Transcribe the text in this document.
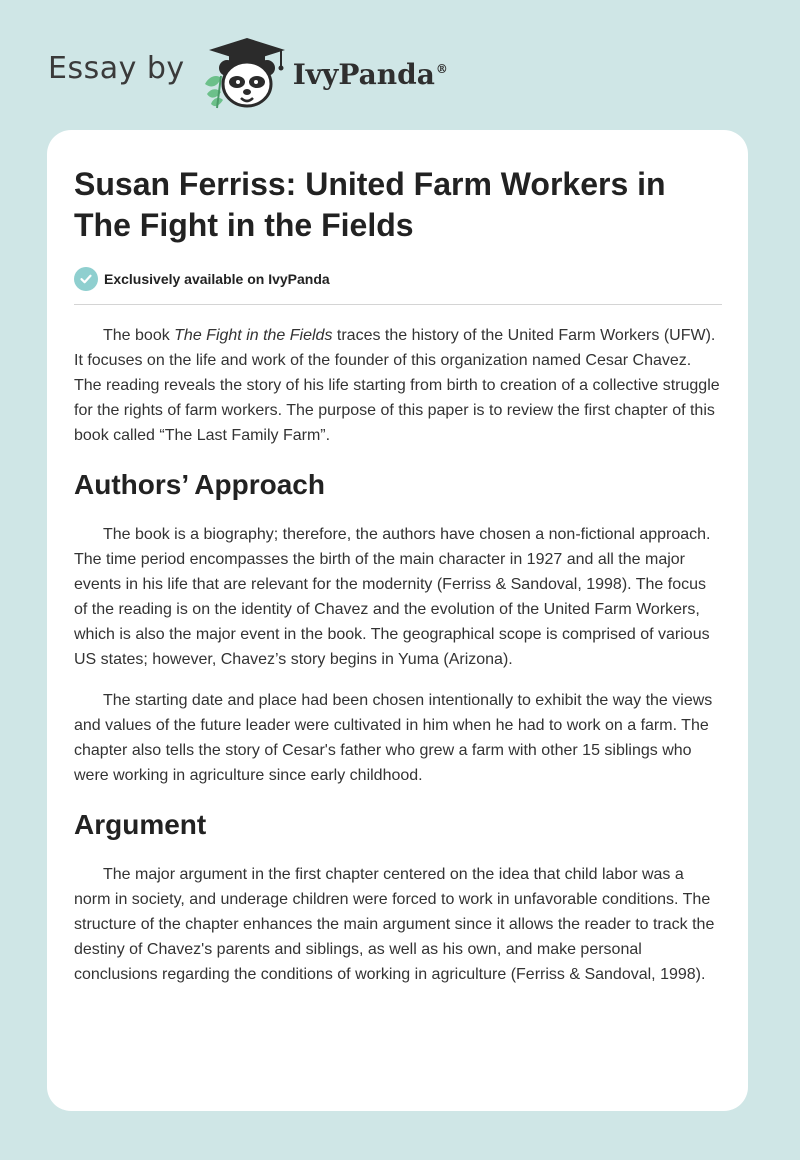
Essay by	IvyPanda®
Susan Ferriss: United Farm Workers in The Fight in the Fields
Exclusively available on IvyPanda

The book The Fight in the Fields traces the history of the United Farm Workers (UFW). It focuses on the life and work of the founder of this organization named Cesar Chavez. The reading reveals the story of his life starting from birth to creation of a collective struggle for the rights of farm workers. The purpose of this paper is to review the first chapter of this book called “The Last Family Farm”.

Authors’ Approach

The book is a biography; therefore, the authors have chosen a non-fictional approach. The time period encompasses the birth of the main character in 1927 and all the major events in his life that are relevant for the modernity (Ferriss & Sandoval, 1998). The focus of the reading is on the identity of Chavez and the evolution of the United Farm Workers, which is also the major event in the book. The geographical scope is comprised of various US states; however, Chavez’s story begins in Yuma (Arizona).

The starting date and place had been chosen intentionally to exhibit the way the views and values of the future leader were cultivated in him when he had to work on a farm. The chapter also tells the story of Cesar's father who grew a farm with other 15 siblings who were working in agriculture since early childhood.

Argument

The major argument in the first chapter centered on the idea that child labor was a norm in society, and underage children were forced to work in unfavorable conditions. The structure of the chapter enhances the main argument since it allows the reader to track the destiny of Chavez's parents and siblings, as well as his own, and make personal conclusions regarding the conditions of working in agriculture (Ferriss & Sandoval, 1998).
